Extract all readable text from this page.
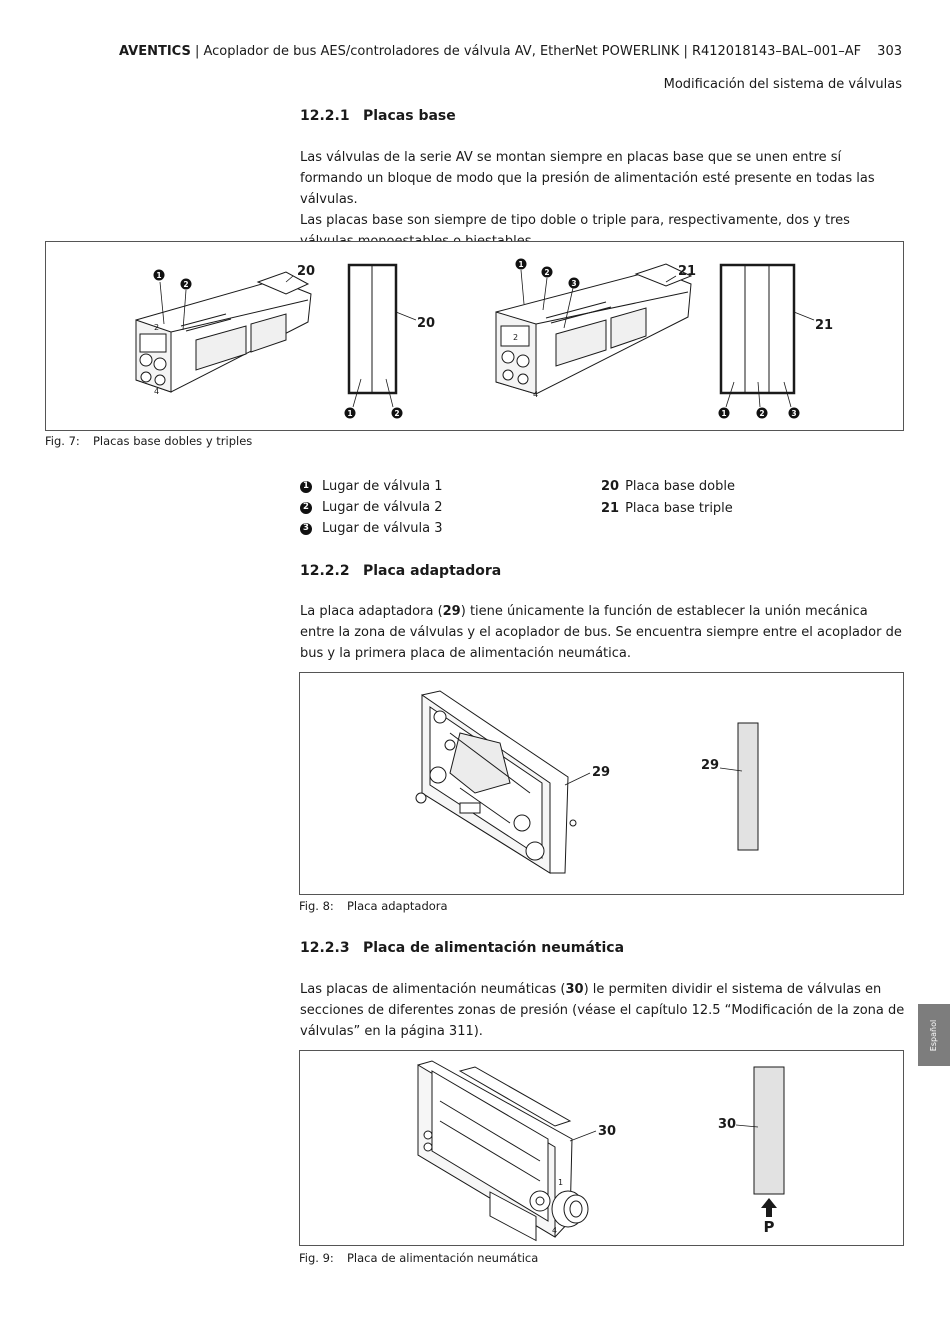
AVENTICS | Acoplador de bus AES/controladores de válvula AV, EtherNet POWERLINK | R412018143–BAL–001–AF 303
Modificación del sistema de válvulas
12.2.1 Placas base

Las válvulas de la serie AV se montan siempre en placas base que se unen entre sí formando un bloque de modo que la presión de alimentación esté presente en todas las válvulas.

Las placas base son siempre de tipo doble o triple para, respectivamente, dos y tres

2
4
2
4
20
20
21
21
1
2
1	2
1
2
3
1	2	3
Fig. 7: Placas base dobles y triples
1 Lugar de válvula 1
2 Lugar de válvula 2
3 Lugar de válvula 3
20 Placa base doble
21 Placa base triple
12.2.2 Placa adaptadora
La placa adaptadora (29) tiene únicamente la función de establecer la unión mecánica entre la zona de válvulas y el acoplador de bus. Se encuentra siempre entre el acoplador de bus y la primera placa de alimentación neumática.
29	29
Fig. 8: Placa adaptadora
12.2.3 Placa de alimentación neumática
Las placas de alimentación neumáticas (30) le permiten dividir el sistema de válvulas en secciones de diferentes zonas de presión (véase el capítulo 12.5 “Modificación de la zona de válvulas” en la página 311).
1
4
30	30
P
Fig. 9: Placa de alimentación neumática
Español
